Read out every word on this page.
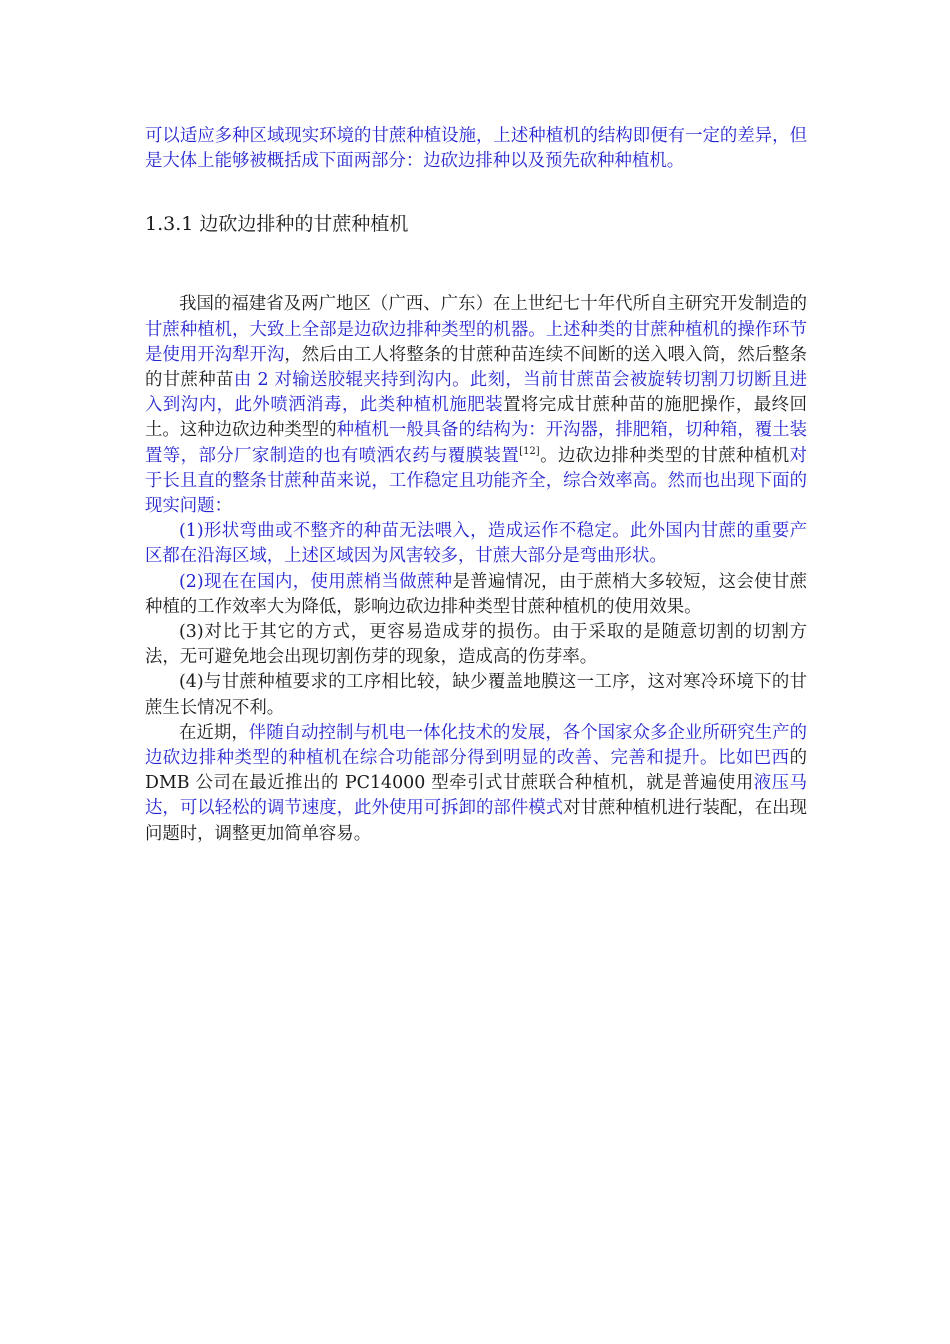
可以适应多种区域现实环境的甘蔗种植设施，上述种植机的结构即便有一定的差异，但是大体上能够被概括成下面两部分：边砍边排种以及预先砍种种植机。

1.3.1 边砍边排种的甘蔗种植机

我国的福建省及两广地区（广西、广东）在上世纪七十年代所自主研究开发制造的甘蔗种植机，大致上全部是边砍边排种类型的机器。上述种类的甘蔗种植机的操作环节是使用开沟犁开沟，然后由工人将整条的甘蔗种苗连续不间断的送入喂入筒，然后整条的甘蔗种苗由 2 对输送胶辊夹持到沟内。此刻，当前甘蔗苗会被旋转切割刀切断且进入到沟内，此外喷洒消毒，此类种植机施肥装置将完成甘蔗种苗的施肥操作，最终回土。这种边砍边种类型的种植机一般具备的结构为：开沟器，排肥箱，切种箱，覆土装置等，部分厂家制造的也有喷洒农药与覆膜装置[12]。边砍边排种类型的甘蔗种植机对于长且直的整条甘蔗种苗来说，工作稳定且功能齐全，综合效率高。然而也出现下面的现实问题：

(1)形状弯曲或不整齐的种苗无法喂入，造成运作不稳定。此外国内甘蔗的重要产区都在沿海区域，上述区域因为风害较多，甘蔗大部分是弯曲形状。

(2)现在在国内，使用蔗梢当做蔗种是普遍情况，由于蔗梢大多较短，这会使甘蔗种植的工作效率大为降低，影响边砍边排种类型甘蔗种植机的使用效果。

(3)对比于其它的方式，更容易造成芽的损伤。由于采取的是随意切割的切割方法，无可避免地会出现切割伤芽的现象，造成高的伤芽率。

(4)与甘蔗种植要求的工序相比较，缺少覆盖地膜这一工序，这对寒冷环境下的甘蔗生长情况不利。

在近期，伴随自动控制与机电一体化技术的发展，各个国家众多企业所研究生产的边砍边排种类型的种植机在综合功能部分得到明显的改善、完善和提升。比如巴西的 DMB 公司在最近推出的 PC14000 型牵引式甘蔗联合种植机，就是普遍使用液压马达，可以轻松的调节速度，此外使用可拆卸的部件模式对甘蔗种植机进行装配，在出现问题时，调整更加简单容易。
